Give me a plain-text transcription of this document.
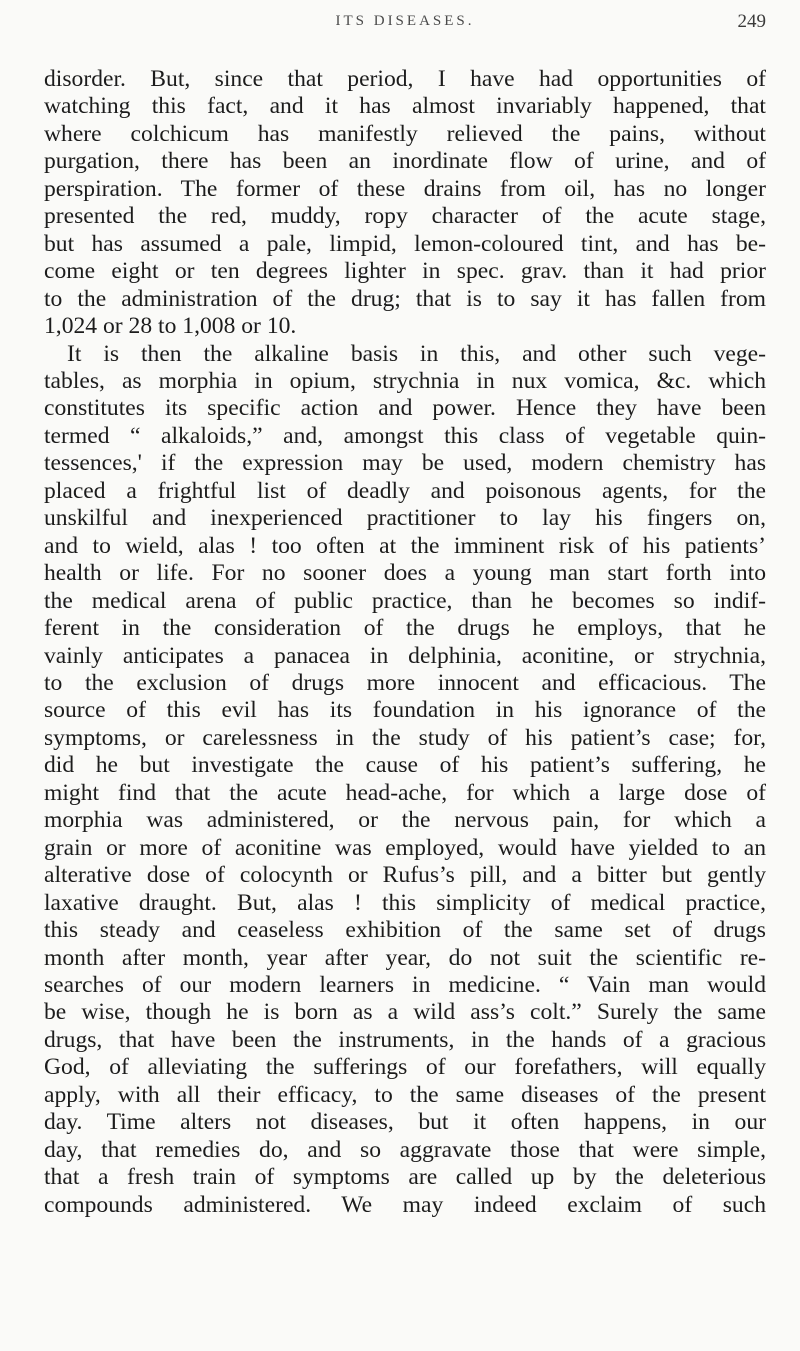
ITS DISEASES.	249
disorder. But, since that period, I have had opportunities of
watching this fact, and it has almost invariably happened, that
where colchicum has manifestly relieved the pains, without
purgation, there has been an inordinate flow of urine, and of
perspiration. The former of these drains from oil, has no longer
presented the red, muddy, ropy character of the acute stage,
but has assumed a pale, limpid, lemon-coloured tint, and has be-
come eight or ten degrees lighter in spec. grav. than it had prior
to the administration of the drug; that is to say it has fallen from
1,024 or 28 to 1,008 or 10.
It is then the alkaline basis in this, and other such vege-
tables, as morphia in opium, strychnia in nux vomica, &c. which
constitutes its specific action and power. Hence they have been
termed “ alkaloids,” and, amongst this class of vegetable quin-
tessences,' if the expression may be used, modern chemistry has
placed a frightful list of deadly and poisonous agents, for the
unskilful and inexperienced practitioner to lay his fingers on,
and to wield, alas ! too often at the imminent risk of his patients’
health or life. For no sooner does a young man start forth into
the medical arena of public practice, than he becomes so indif-
ferent in the consideration of the drugs he employs, that he
vainly anticipates a panacea in delphinia, aconitine, or strychnia,
to the exclusion of drugs more innocent and efficacious. The
source of this evil has its foundation in his ignorance of the
symptoms, or carelessness in the study of his patient’s case; for,
did he but investigate the cause of his patient’s suffering, he
might find that the acute head-ache, for which a large dose of
morphia was administered, or the nervous pain, for which a
grain or more of aconitine was employed, would have yielded to an
alterative dose of colocynth or Rufus’s pill, and a bitter but gently
laxative draught. But, alas ! this simplicity of medical practice,
this steady and ceaseless exhibition of the same set of drugs
month after month, year after year, do not suit the scientific re-
searches of our modern learners in medicine. “ Vain man would
be wise, though he is born as a wild ass’s colt.” Surely the same
drugs, that have been the instruments, in the hands of a gracious
God, of alleviating the sufferings of our forefathers, will equally
apply, with all their efficacy, to the same diseases of the present
day. Time alters not diseases, but it often happens, in our
day, that remedies do, and so aggravate those that were simple,
that a fresh train of symptoms are called up by the deleterious
compounds administered. We may indeed exclaim of such
